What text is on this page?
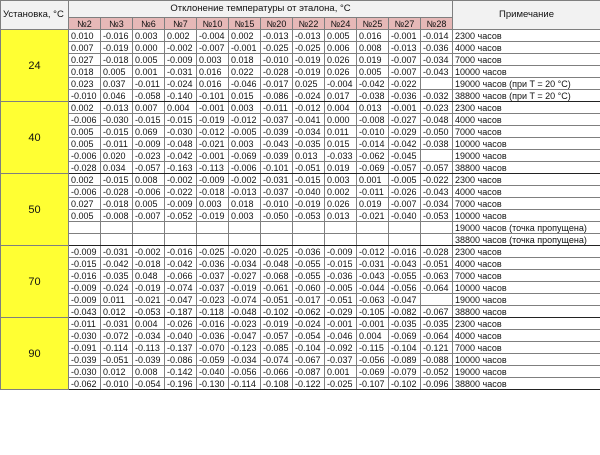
Установка, °C	Отклонение температуры от эталона, °C												Примечание
	№2	№3	№6	№7	№10	№15	№20	№22	№24	№25	№27	№28	
24	0.010	-0.016	0.003	0.002	-0.004	0.002	-0.013	-0.013	0.005	0.016	-0.001	-0.014	2300 часов
	0.007	-0.019	0.000	-0.002	-0.007	-0.001	-0.025	-0.025	0.006	0.008	-0.013	-0.036	4000 часов
	0.027	-0.018	0.005	-0.009	0.003	0.018	-0.010	-0.019	0.026	0.019	-0.007	-0.034	7000 часов
	0.018	0.005	0.001	-0.031	0.016	0.022	-0.028	-0.019	0.026	0.005	-0.007	-0.043	10000 часов
	0.023	0.037	-0.011	-0.024	0.016	-0.046	-0.017	0.025	-0.004	-0.042	-0.022		19000 часов (при T = 20 °C)
	-0.010	0.046	-0.058	-0.140	-0.101	0.015	-0.086	-0.024	0.017	-0.038	-0.036	-0.032	38800 часов (при T = 20 °C)
40	0.002	-0.013	0.007	0.004	-0.001	0.003	-0.011	-0.012	0.004	0.013	-0.001	-0.023	2300 часов
	-0.006	-0.030	-0.015	-0.015	-0.019	-0.012	-0.037	-0.041	0.000	-0.008	-0.027	-0.048	4000 часов
	0.005	-0.015	0.069	-0.030	-0.012	-0.005	-0.039	-0.034	0.011	-0.010	-0.029	-0.050	7000 часов
	0.005	-0.011	-0.009	-0.048	-0.021	0.003	-0.043	-0.035	0.015	-0.014	-0.042	-0.038	10000 часов
	-0.006	0.020	-0.023	-0.042	-0.001	-0.069	-0.039	0.013	-0.033	-0.062	-0.045		19000 часов
	-0.028	0.034	-0.057	-0.163	-0.113	-0.006	-0.101	-0.051	0.019	-0.069	-0.057	-0.057	38800 часов
50	0.002	-0.015	0.008	-0.002	-0.009	-0.002	-0.031	-0.015	0.003	0.001	-0.005	-0.022	2300 часов
	-0.006	-0.028	-0.006	-0.022	-0.018	-0.013	-0.037	-0.040	0.002	-0.011	-0.026	-0.043	4000 часов
	0.027	-0.018	0.005	-0.009	0.003	0.018	-0.010	-0.019	0.026	0.019	-0.007	-0.034	7000 часов
	0.005	-0.008	-0.007	-0.052	-0.019	0.003	-0.050	-0.053	0.013	-0.021	-0.040	-0.053	10000 часов
													19000 часов (точка пропущена)
													38800 часов (точка пропущена)
70	-0.009	-0.031	-0.002	-0.016	-0.025	-0.020	-0.025	-0.036	-0.009	-0.012	-0.016	-0.028	2300 часов
	-0.015	-0.042	-0.018	-0.042	-0.036	-0.034	-0.048	-0.055	-0.015	-0.031	-0.043	-0.051	4000 часов
	-0.016	-0.035	0.048	-0.066	-0.037	-0.027	-0.068	-0.055	-0.036	-0.043	-0.055	-0.063	7000 часов
	-0.009	-0.024	-0.019	-0.074	-0.037	-0.019	-0.061	-0.060	-0.005	-0.044	-0.056	-0.064	10000 часов
	-0.009	0.011	-0.021	-0.047	-0.023	-0.074	-0.051	-0.017	-0.051	-0.063	-0.047		19000 часов
	-0.043	0.012	-0.053	-0.187	-0.118	-0.048	-0.102	-0.062	-0.029	-0.105	-0.082	-0.067	38800 часов
90	-0.011	-0.031	0.004	-0.026	-0.016	-0.023	-0.019	-0.024	-0.001	-0.001	-0.035	-0.035	2300 часов
	-0.030	-0.072	-0.034	-0.040	-0.036	-0.047	-0.057	-0.054	-0.046	0.004	-0.069	-0.064	4000 часов
	-0.091	-0.114	-0.113	-0.137	-0.070	-0.123	-0.085	-0.104	-0.092	-0.115	-0.104	-0.121	7000 часов
	-0.039	-0.051	-0.039	-0.086	-0.059	-0.034	-0.074	-0.067	-0.037	-0.056	-0.089	-0.088	10000 часов
	-0.030	0.012	0.008	-0.142	-0.040	-0.056	-0.066	-0.087	0.001	-0.069	-0.079	-0.052	19000 часов
	-0.062	-0.010	-0.054	-0.196	-0.130	-0.114	-0.108	-0.122	-0.025	-0.107	-0.102	-0.096	38800 часов
